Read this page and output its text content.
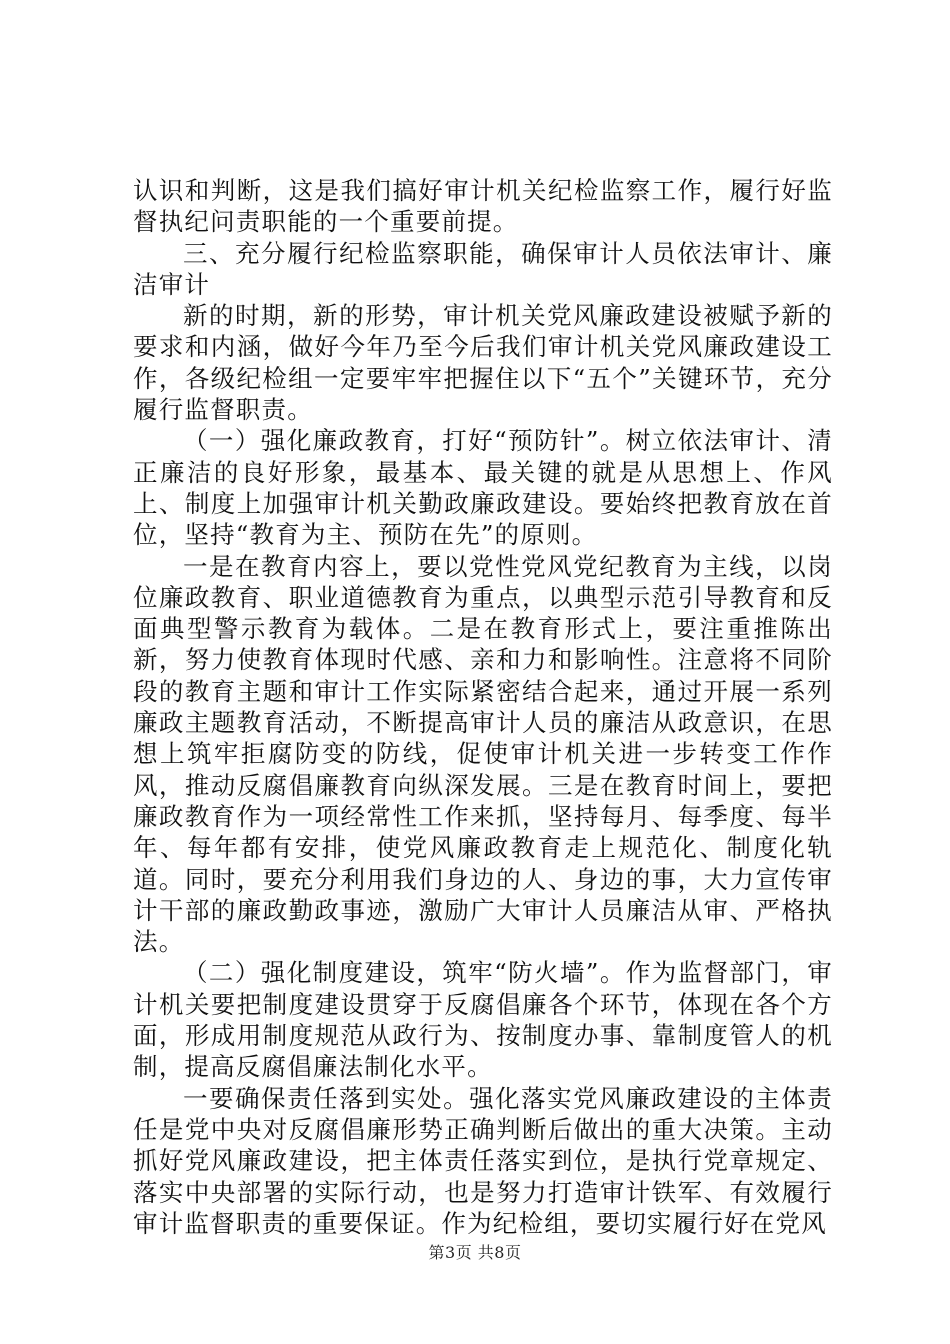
认识和判断，这是我们搞好审计机关纪检监察工作，履行好监督执纪问责职能的一个重要前提。

三、充分履行纪检监察职能，确保审计人员依法审计、廉洁审计

新的时期，新的形势，审计机关党风廉政建设被赋予新的要求和内涵，做好今年乃至今后我们审计机关党风廉政建设工作，各级纪检组一定要牢牢把握住以下“五个”关键环节，充分履行监督职责。

（一）强化廉政教育，打好“预防针”。树立依法审计、清正廉洁的良好形象，最基本、最关键的就是从思想上、作风上、制度上加强审计机关勤政廉政建设。要始终把教育放在首位，坚持“教育为主、预防在先”的原则。

一是在教育内容上，要以党性党风党纪教育为主线，以岗位廉政教育、职业道德教育为重点，以典型示范引导教育和反面典型警示教育为载体。二是在教育形式上，要注重推陈出新，努力使教育体现时代感、亲和力和影响性。注意将不同阶段的教育主题和审计工作实际紧密结合起来，通过开展一系列廉政主题教育活动，不断提高审计人员的廉洁从政意识，在思想上筑牢拒腐防变的防线，促使审计机关进一步转变工作作风，推动反腐倡廉教育向纵深发展。三是在教育时间上，要把廉政教育作为一项经常性工作来抓，坚持每月、每季度、每半年、每年都有安排，使党风廉政教育走上规范化、制度化轨道。同时，要充分利用我们身边的人、身边的事，大力宣传审计干部的廉政勤政事迹，激励广大审计人员廉洁从审、严格执法。

（二）强化制度建设，筑牢“防火墙”。作为监督部门，审计机关要把制度建设贯穿于反腐倡廉各个环节，体现在各个方面，形成用制度规范从政行为、按制度办事、靠制度管人的机制，提高反腐倡廉法制化水平。

一要确保责任落到实处。强化落实党风廉政建设的主体责任是党中央对反腐倡廉形势正确判断后做出的重大决策。主动抓好党风廉政建设，把主体责任落实到位，是执行党章规定、落实中央部署的实际行动，也是努力打造审计铁军、有效履行审计监督职责的重要保证。作为纪检组，要切实履行好在党风

第3页 共8页
